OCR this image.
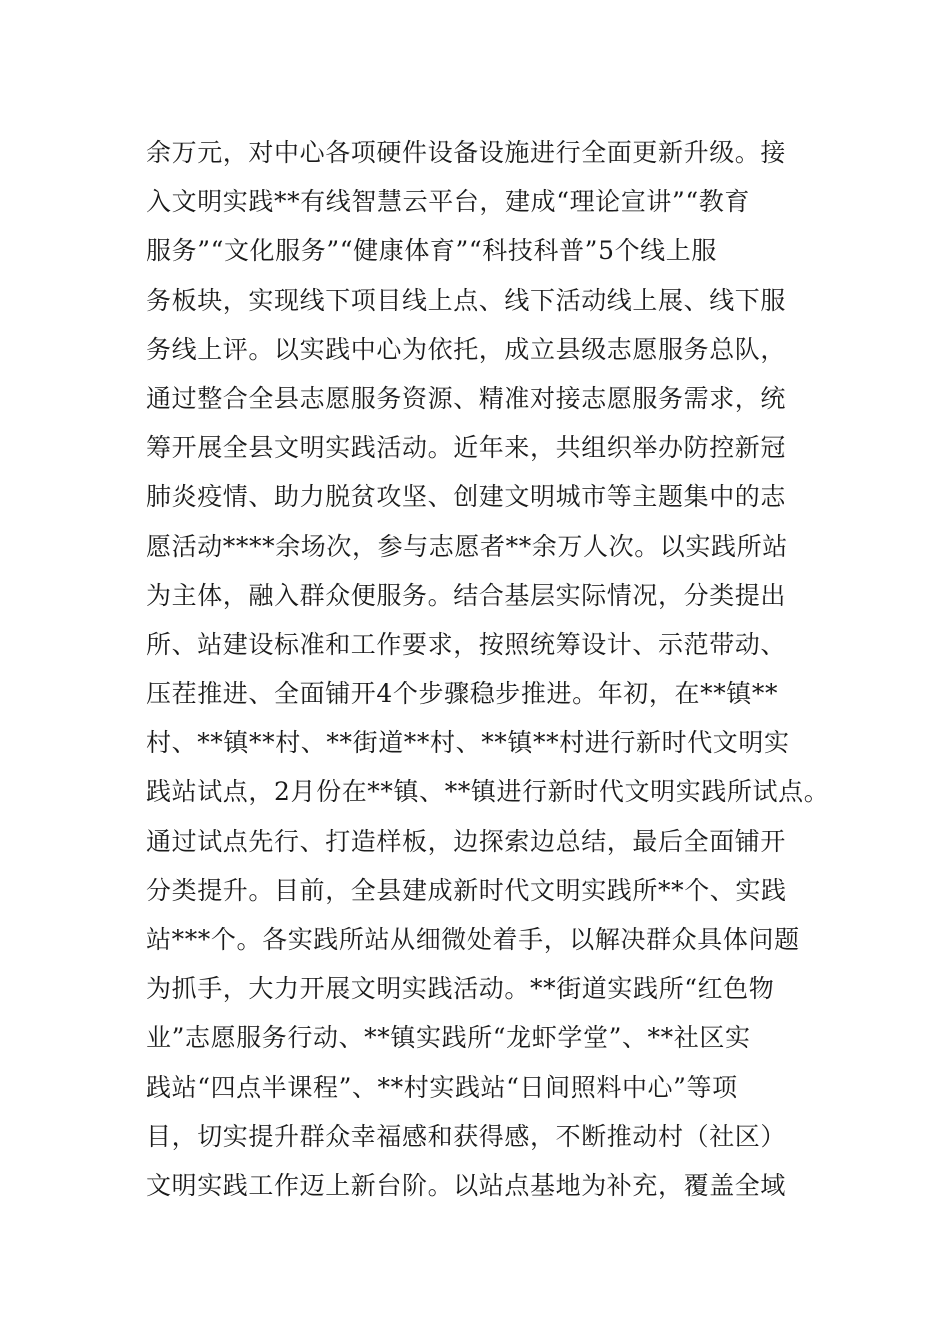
余万元，对中心各项硬件设备设施进行全面更新升级。接
入文明实践**有线智慧云平台，建成“理论宣讲”“教育
服务”“文化服务”“健康体育”“科技科普”5个线上服
务板块，实现线下项目线上点、线下活动线上展、线下服
务线上评。以实践中心为依托，成立县级志愿服务总队，
通过整合全县志愿服务资源、精准对接志愿服务需求，统
筹开展全县文明实践活动。近年来，共组织举办防控新冠
肺炎疫情、助力脱贫攻坚、创建文明城市等主题集中的志
愿活动****余场次，参与志愿者**余万人次。以实践所站
为主体，融入群众便服务。结合基层实际情况，分类提出
所、站建设标准和工作要求，按照统筹设计、示范带动、
压茬推进、全面铺开4个步骤稳步推进。年初，在**镇**
村、**镇**村、**街道**村、**镇**村进行新时代文明实
践站试点，2月份在**镇、**镇进行新时代文明实践所试点。
通过试点先行、打造样板，边探索边总结，最后全面铺开
分类提升。目前，全县建成新时代文明实践所**个、实践
站***个。各实践所站从细微处着手，以解决群众具体问题
为抓手，大力开展文明实践活动。**街道实践所“红色物
业”志愿服务行动、**镇实践所“龙虾学堂”、**社区实
践站“四点半课程”、**村实践站“日间照料中心”等项
目，切实提升群众幸福感和获得感，不断推动村（社区）
文明实践工作迈上新台阶。以站点基地为补充，覆盖全域
